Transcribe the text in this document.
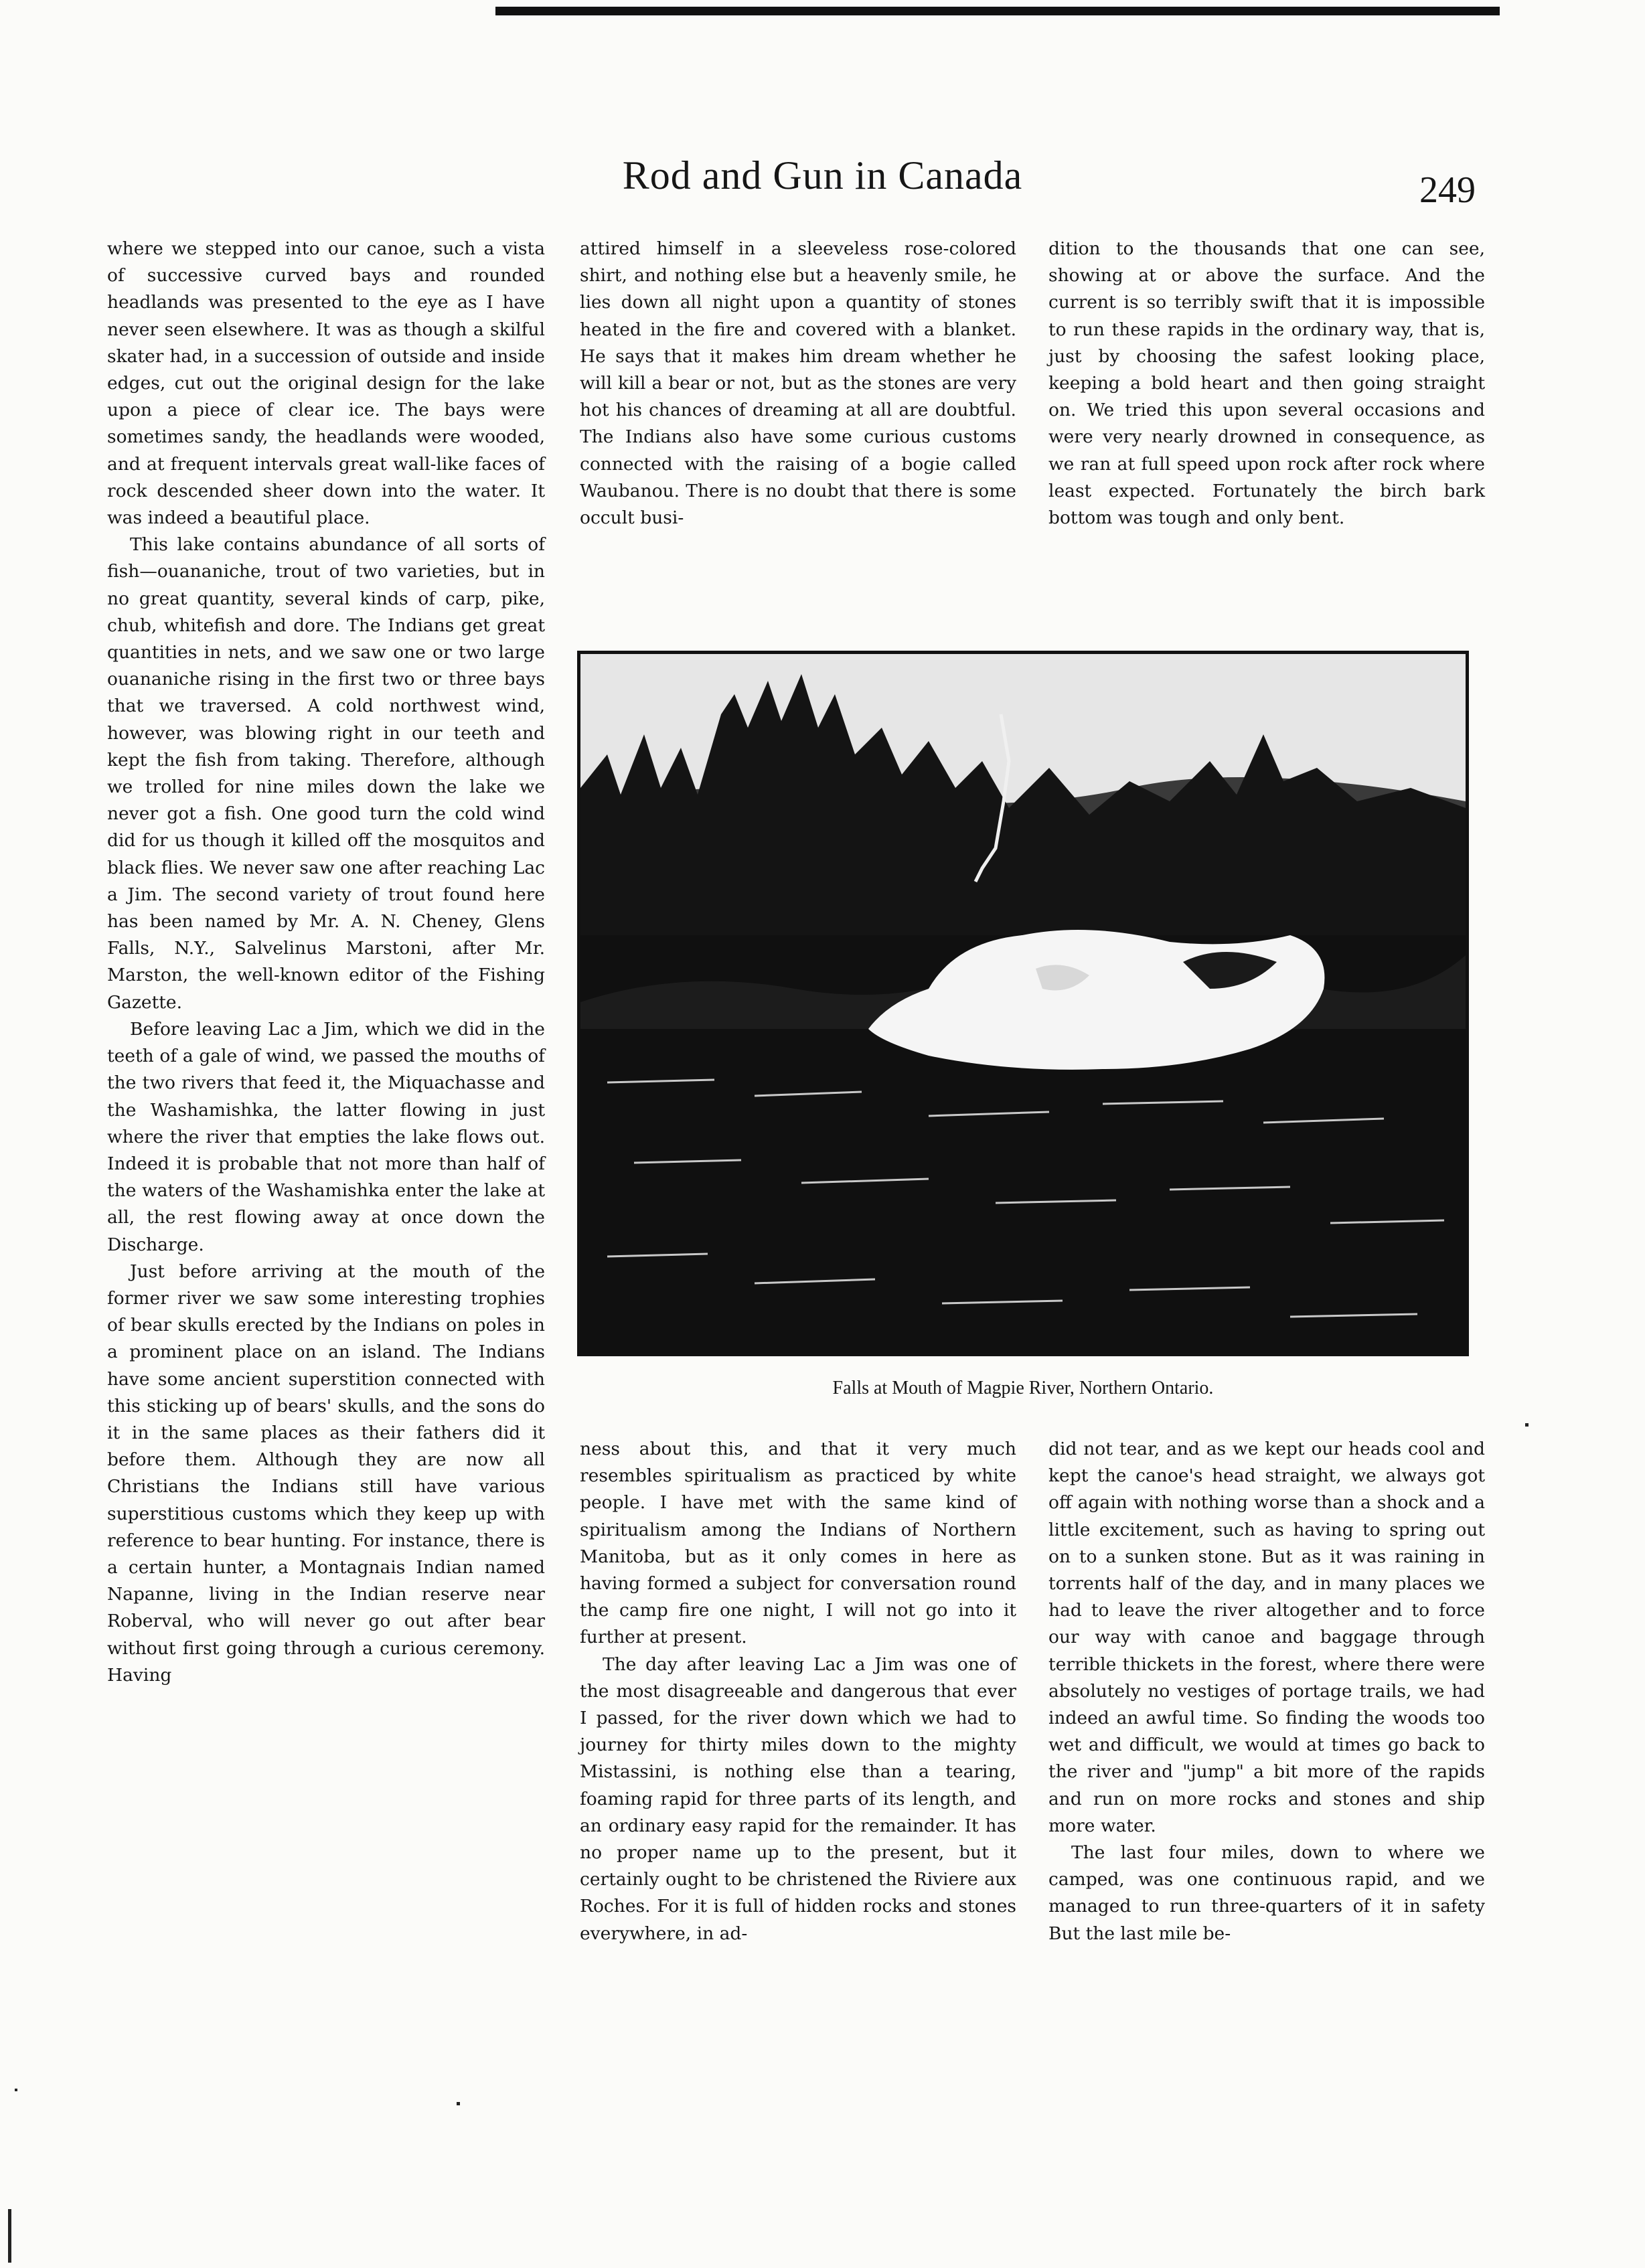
Rod and Gun in Canada	249

where we stepped into our canoe, such a vista of successive curved bays and rounded headlands was presented to the eye as I have never seen elsewhere. It was as though a skilful skater had, in a succession of outside and inside edges, cut out the original design for the lake upon a piece of clear ice. The bays were sometimes sandy, the headlands were wooded, and at frequent intervals great wall-like faces of rock descended sheer down into the water. It was indeed a beautiful place.

This lake contains abundance of all sorts of fish—ouananiche, trout of two varieties, but in no great quantity, several kinds of carp, pike, chub, whitefish and dore. The Indians get great quantities in nets, and we saw one or two large ouananiche rising in the first two or three bays that we traversed. A cold northwest wind, however, was blowing right in our teeth and kept the fish from taking. Therefore, although we trolled for nine miles down the lake we never got a fish. One good turn the cold wind did for us though it killed off the mosquitos and black flies. We never saw one after reaching Lac a Jim. The second variety of trout found here has been named by Mr. A. N. Cheney, Glens Falls, N.Y., Salvelinus Marstoni, after Mr. Marston, the well-known editor of the Fishing Gazette.

Before leaving Lac a Jim, which we did in the teeth of a gale of wind, we passed the mouths of the two rivers that feed it, the Miquachasse and the Washamishka, the latter flowing in just where the river that empties the lake flows out. Indeed it is probable that not more than half of the waters of the Washamishka enter the lake at all, the rest flowing away at once down the Discharge.

Just before arriving at the mouth of the former river we saw some interesting trophies of bear skulls erected by the Indians on poles in a prominent place on an island. The Indians have some ancient superstition connected with this sticking up of bears' skulls, and the sons do it in the same places as their fathers did it before them. Although they are now all Christians the Indians still have various superstitious customs which they keep up with reference to bear hunting. For instance, there is a certain hunter, a Montagnais Indian named Napanne, living in the Indian reserve near Roberval, who will never go out after bear without first going through a curious ceremony. Having

attired himself in a sleeveless rose-colored shirt, and nothing else but a heavenly smile, he lies down all night upon a quantity of stones heated in the fire and covered with a blanket. He says that it makes him dream whether he will kill a bear or not, but as the stones are very hot his chances of dreaming at all are doubtful. The Indians also have some curious customs connected with the raising of a bogie called Waubanou. There is no doubt that there is some occult busi-

dition to the thousands that one can see, showing at or above the surface. And the current is so terribly swift that it is impossible to run these rapids in the ordinary way, that is, just by choosing the safest looking place, keeping a bold heart and then going straight on. We tried this upon several occasions and were very nearly drowned in consequence, as we ran at full speed upon rock after rock where least expected. Fortunately the birch bark bottom was tough and only bent.

Falls at Mouth of Magpie River, Northern Ontario.

ness about this, and that it very much resembles spiritualism as practiced by white people. I have met with the same kind of spiritualism among the Indians of Northern Manitoba, but as it only comes in here as having formed a subject for conversation round the camp fire one night, I will not go into it further at present.

The day after leaving Lac a Jim was one of the most disagreeable and dangerous that ever I passed, for the river down which we had to journey for thirty miles down to the mighty Mistassini, is nothing else than a tearing, foaming rapid for three parts of its length, and an ordinary easy rapid for the remainder. It has no proper name up to the present, but it certainly ought to be christened the Riviere aux Roches. For it is full of hidden rocks and stones everywhere, in ad-

did not tear, and as we kept our heads cool and kept the canoe's head straight, we always got off again with nothing worse than a shock and a little excitement, such as having to spring out on to a sunken stone. But as it was raining in torrents half of the day, and in many places we had to leave the river altogether and to force our way with canoe and baggage through terrible thickets in the forest, where there were absolutely no vestiges of portage trails, we had indeed an awful time. So finding the woods too wet and difficult, we would at times go back to the river and "jump" a bit more of the rapids and run on more rocks and stones and ship more water.

The last four miles, down to where we camped, was one continuous rapid, and we managed to run three-quarters of it in safety But the last mile be-
